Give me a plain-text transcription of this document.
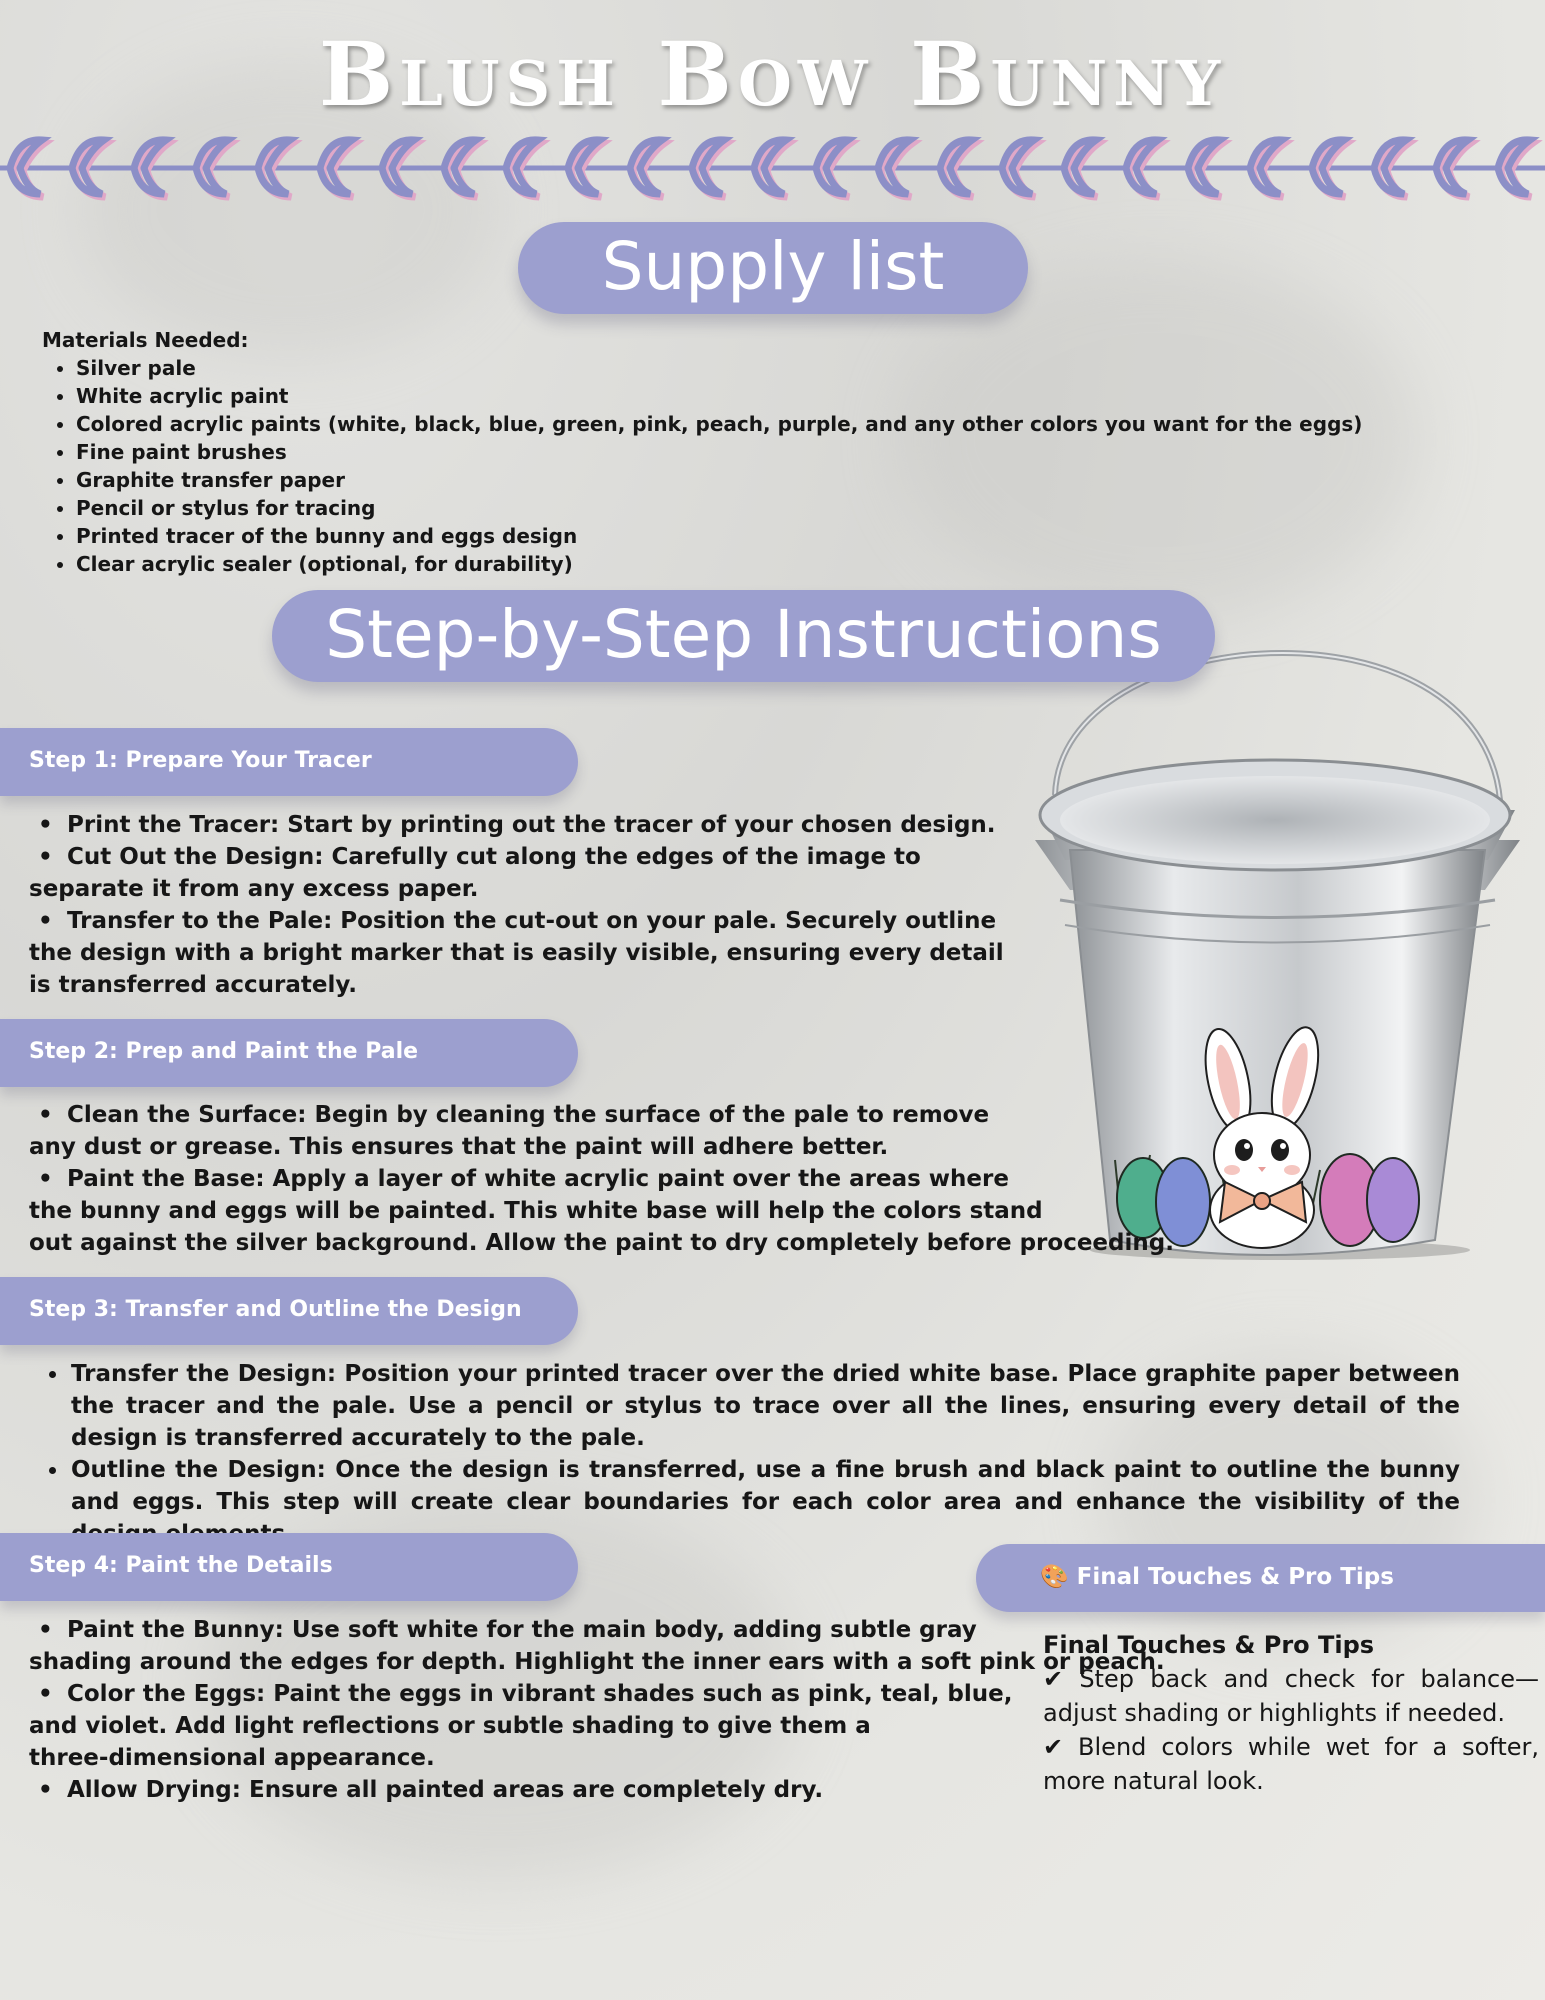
Blush Bow Bunny
Supply list
Materials Needed:
• Silver pale
• White acrylic paint
• Colored acrylic paints (white, black, blue, green, pink, peach, purple, and any other colors you want for the eggs)
• Fine paint brushes
• Graphite transfer paper
• Pencil or stylus for tracing
• Printed tracer of the bunny and eggs design
• Clear acrylic sealer (optional, for durability)
Step-by-Step Instructions
Step 1: Prepare Your Tracer
• Print the Tracer: Start by printing out the tracer of your chosen design.
• Cut Out the Design: Carefully cut along the edges of the image to
separate it from any excess paper.
• Transfer to the Pale: Position the cut-out on your pale. Securely outline
the design with a bright marker that is easily visible, ensuring every detail
is transferred accurately.
Step 2: Prep and Paint the Pale
• Clean the Surface: Begin by cleaning the surface of the pale to remove
any dust or grease. This ensures that the paint will adhere better.
• Paint the Base: Apply a layer of white acrylic paint over the areas where
the bunny and eggs will be painted. This white base will help the colors stand
out against the silver background. Allow the paint to dry completely before proceeding.
Step 3: Transfer and Outline the Design
• Transfer the Design: Position your printed tracer over the dried white base. Place graphite paper between the tracer and the pale. Use a pencil or stylus to trace over all the lines, ensuring every detail of the design is transferred accurately to the pale.
• Outline the Design: Once the design is transferred, use a fine brush and black paint to outline the bunny and eggs. This step will create clear boundaries for each color area and enhance the visibility of the
Step 4: Paint the Details
• Paint the Bunny: Use soft white for the main body, adding subtle gray
shading around the edges for depth. Highlight the inner ears with a soft pink or peach.
• Color the Eggs: Paint the eggs in vibrant shades such as pink, teal, blue,
and violet. Add light reflections or subtle shading to give them a
three-dimensional appearance.
• Allow Drying: Ensure all painted areas are completely dry.
🎨 Final Touches & Pro Tips

Final Touches & Pro Tips

✔ Step back and check for balance—adjust shading or highlights if needed.

✔ Blend colors while wet for a softer, more natural look.
